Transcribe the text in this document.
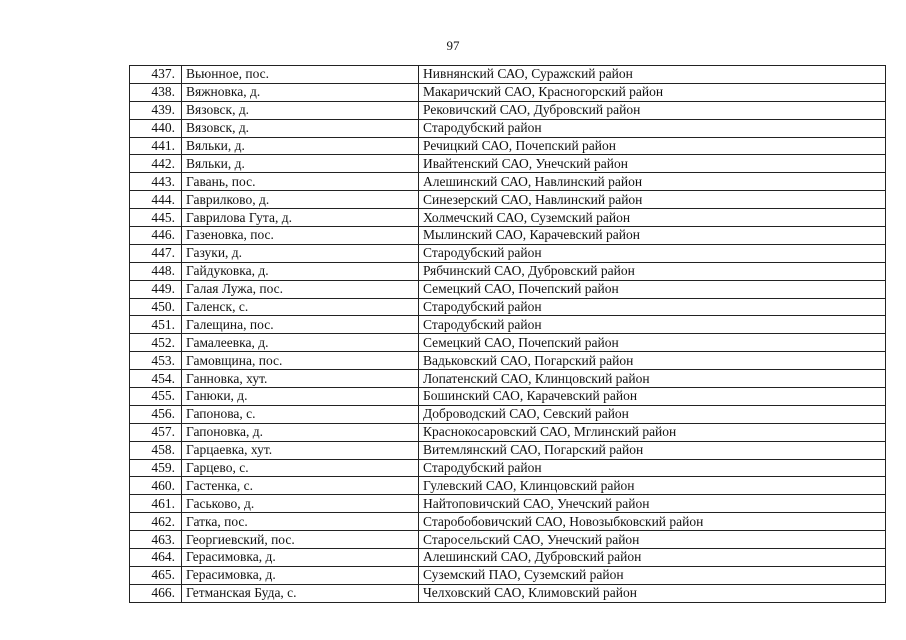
97
437.	Вьюнное, пос.	Нивнянский САО, Суражский район
438.	Вяжновка, д.	Макаричский САО, Красногорский район
439.	Вязовск, д.	Рековичский САО, Дубровский район
440.	Вязовск, д.	Стародубский район
441.	Вяльки, д.	Речицкий САО, Почепский район
442.	Вяльки, д.	Ивайтенский САО, Унечский район
443.	Гавань, пос.	Алешинский САО, Навлинский район
444.	Гаврилково, д.	Синезерский САО, Навлинский район
445.	Гаврилова Гута, д.	Холмечский САО, Суземский район
446.	Газеновка, пос.	Мылинский САО, Карачевский район
447.	Газуки, д.	Стародубский район
448.	Гайдуковка, д.	Рябчинский САО, Дубровский район
449.	Галая Лужа, пос.	Семецкий САО, Почепский район
450.	Галенск, с.	Стародубский район
451.	Галещина, пос.	Стародубский район
452.	Гамалеевка, д.	Семецкий САО, Почепский район
453.	Гамовщина, пос.	Вадьковский САО, Погарский район
454.	Ганновка, хут.	Лопатенский САО, Клинцовский район
455.	Ганюки, д.	Бошинский САО, Карачевский район
456.	Гапонова, с.	Доброводский САО, Севский район
457.	Гапоновка, д.	Краснокосаровский САО, Мглинский район
458.	Гарцаевка, хут.	Витемлянский САО, Погарский район
459.	Гарцево, с.	Стародубский район
460.	Гастенка, с.	Гулевский САО, Клинцовский район
461.	Гаськово, д.	Найтоповичский САО, Унечский район
462.	Гатка, пос.	Старобобовичский САО, Новозыбковский район
463.	Георгиевский, пос.	Старосельский САО, Унечский район
464.	Герасимовка, д.	Алешинский САО, Дубровский район
465.	Герасимовка, д.	Суземский ПАО, Суземский район
466.	Гетманская Буда, с.	Челховский САО, Климовский район
